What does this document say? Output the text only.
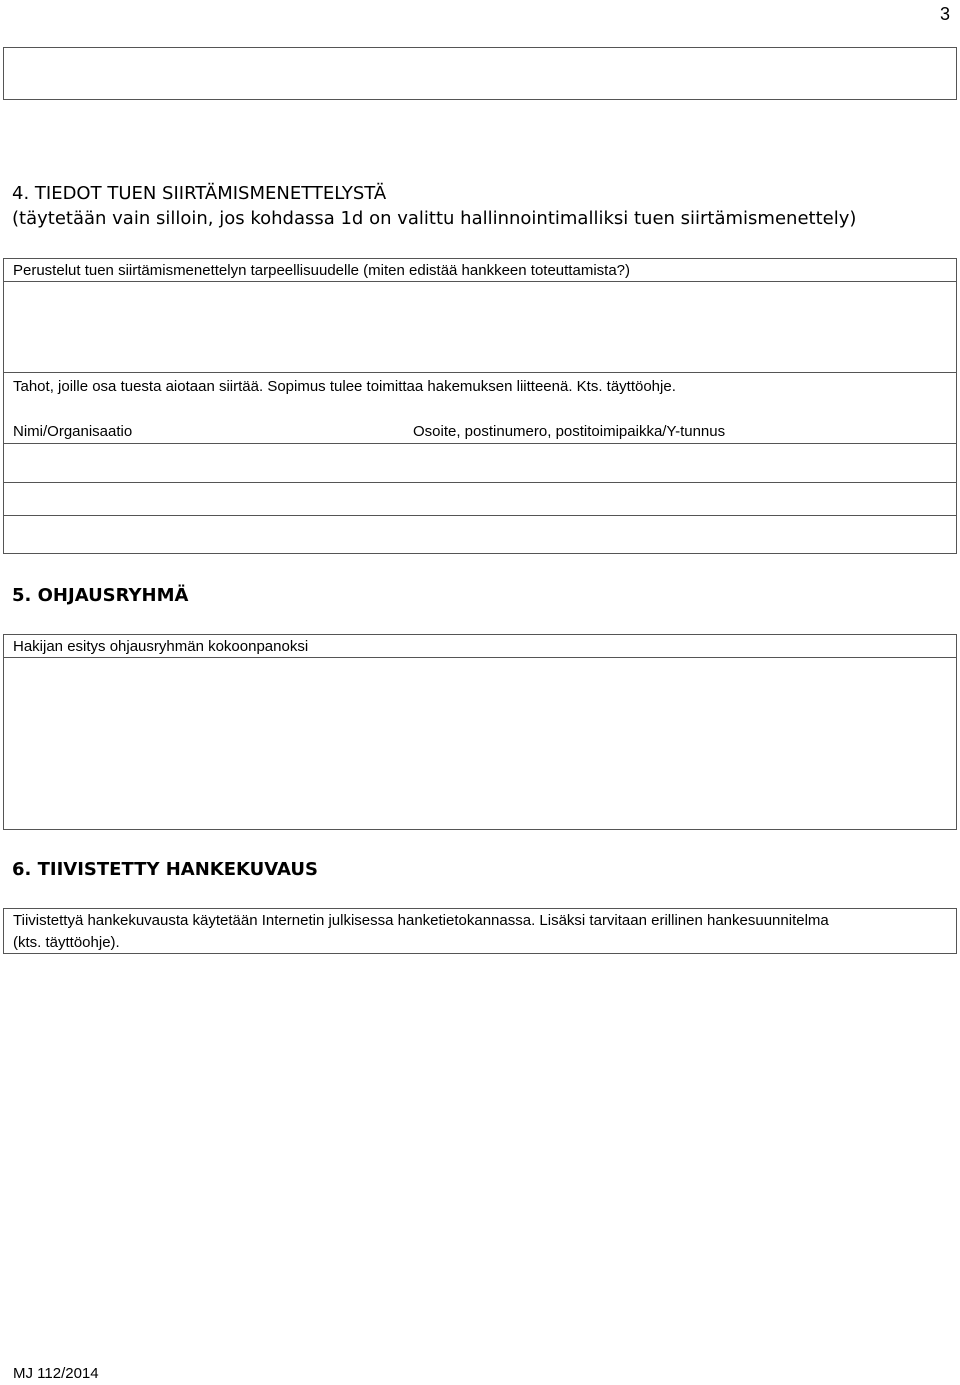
3
4. TIEDOT TUEN SIIRTÄMISMENETTELYSTÄ
(täytetään vain silloin, jos kohdassa 1d on valittu hallinnointimalliksi tuen siirtämismenettely)
Perustelut tuen siirtämismenettelyn tarpeellisuudelle (miten edistää hankkeen toteuttamista?)
Tahot, joille osa tuesta aiotaan siirtää. Sopimus tulee toimittaa hakemuksen liitteenä. Kts. täyttöohje.
Nimi/Organisaatio	Osoite, postinumero, postitoimipaikka/Y-tunnus
5. OHJAUSRYHMÄ
Hakijan esitys ohjausryhmän kokoonpanoksi
6. TIIVISTETTY HANKEKUVAUS
Tiivistettyä hankekuvausta käytetään Internetin julkisessa hanketietokannassa. Lisäksi tarvitaan erillinen hankesuunnitelma
(kts. täyttöohje).
MJ 112/2014
